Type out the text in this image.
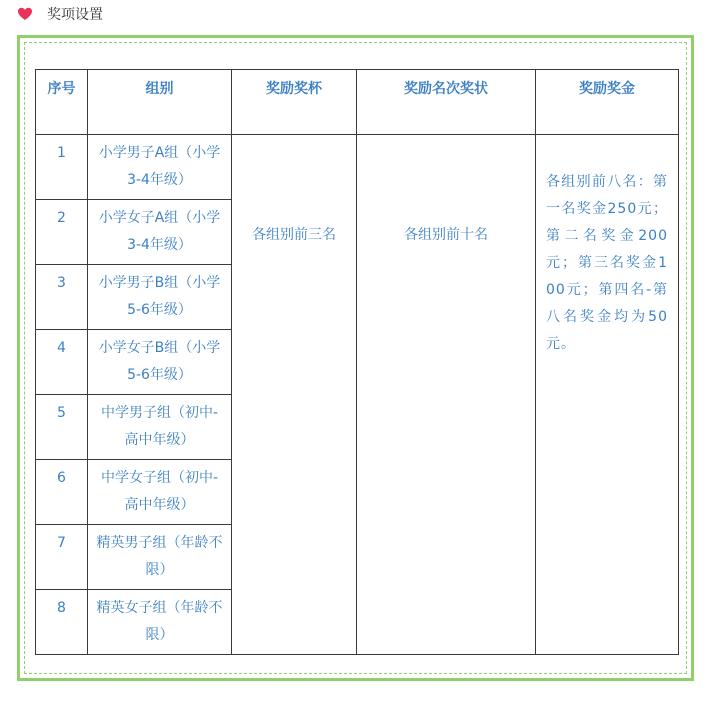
奖项设置
序号	组别	奖励奖杯	奖励名次奖状	奖励奖金
1	小学男子A组（小学3-4年级）	各组别前三名	各组别前十名	各组别前八名：第一名奖金250元；第二名奖金200元；第三名奖金100元；第四名-第八名奖金均为50元。
2	小学女子A组（小学3-4年级）			
3	小学男子B组（小学5-6年级）			
4	小学女子B组（小学5-6年级）			
5	中学男子组（初中-高中年级）			
6	中学女子组（初中-高中年级）			
7	精英男子组（年龄不限）			
8	精英女子组（年龄不限）			
